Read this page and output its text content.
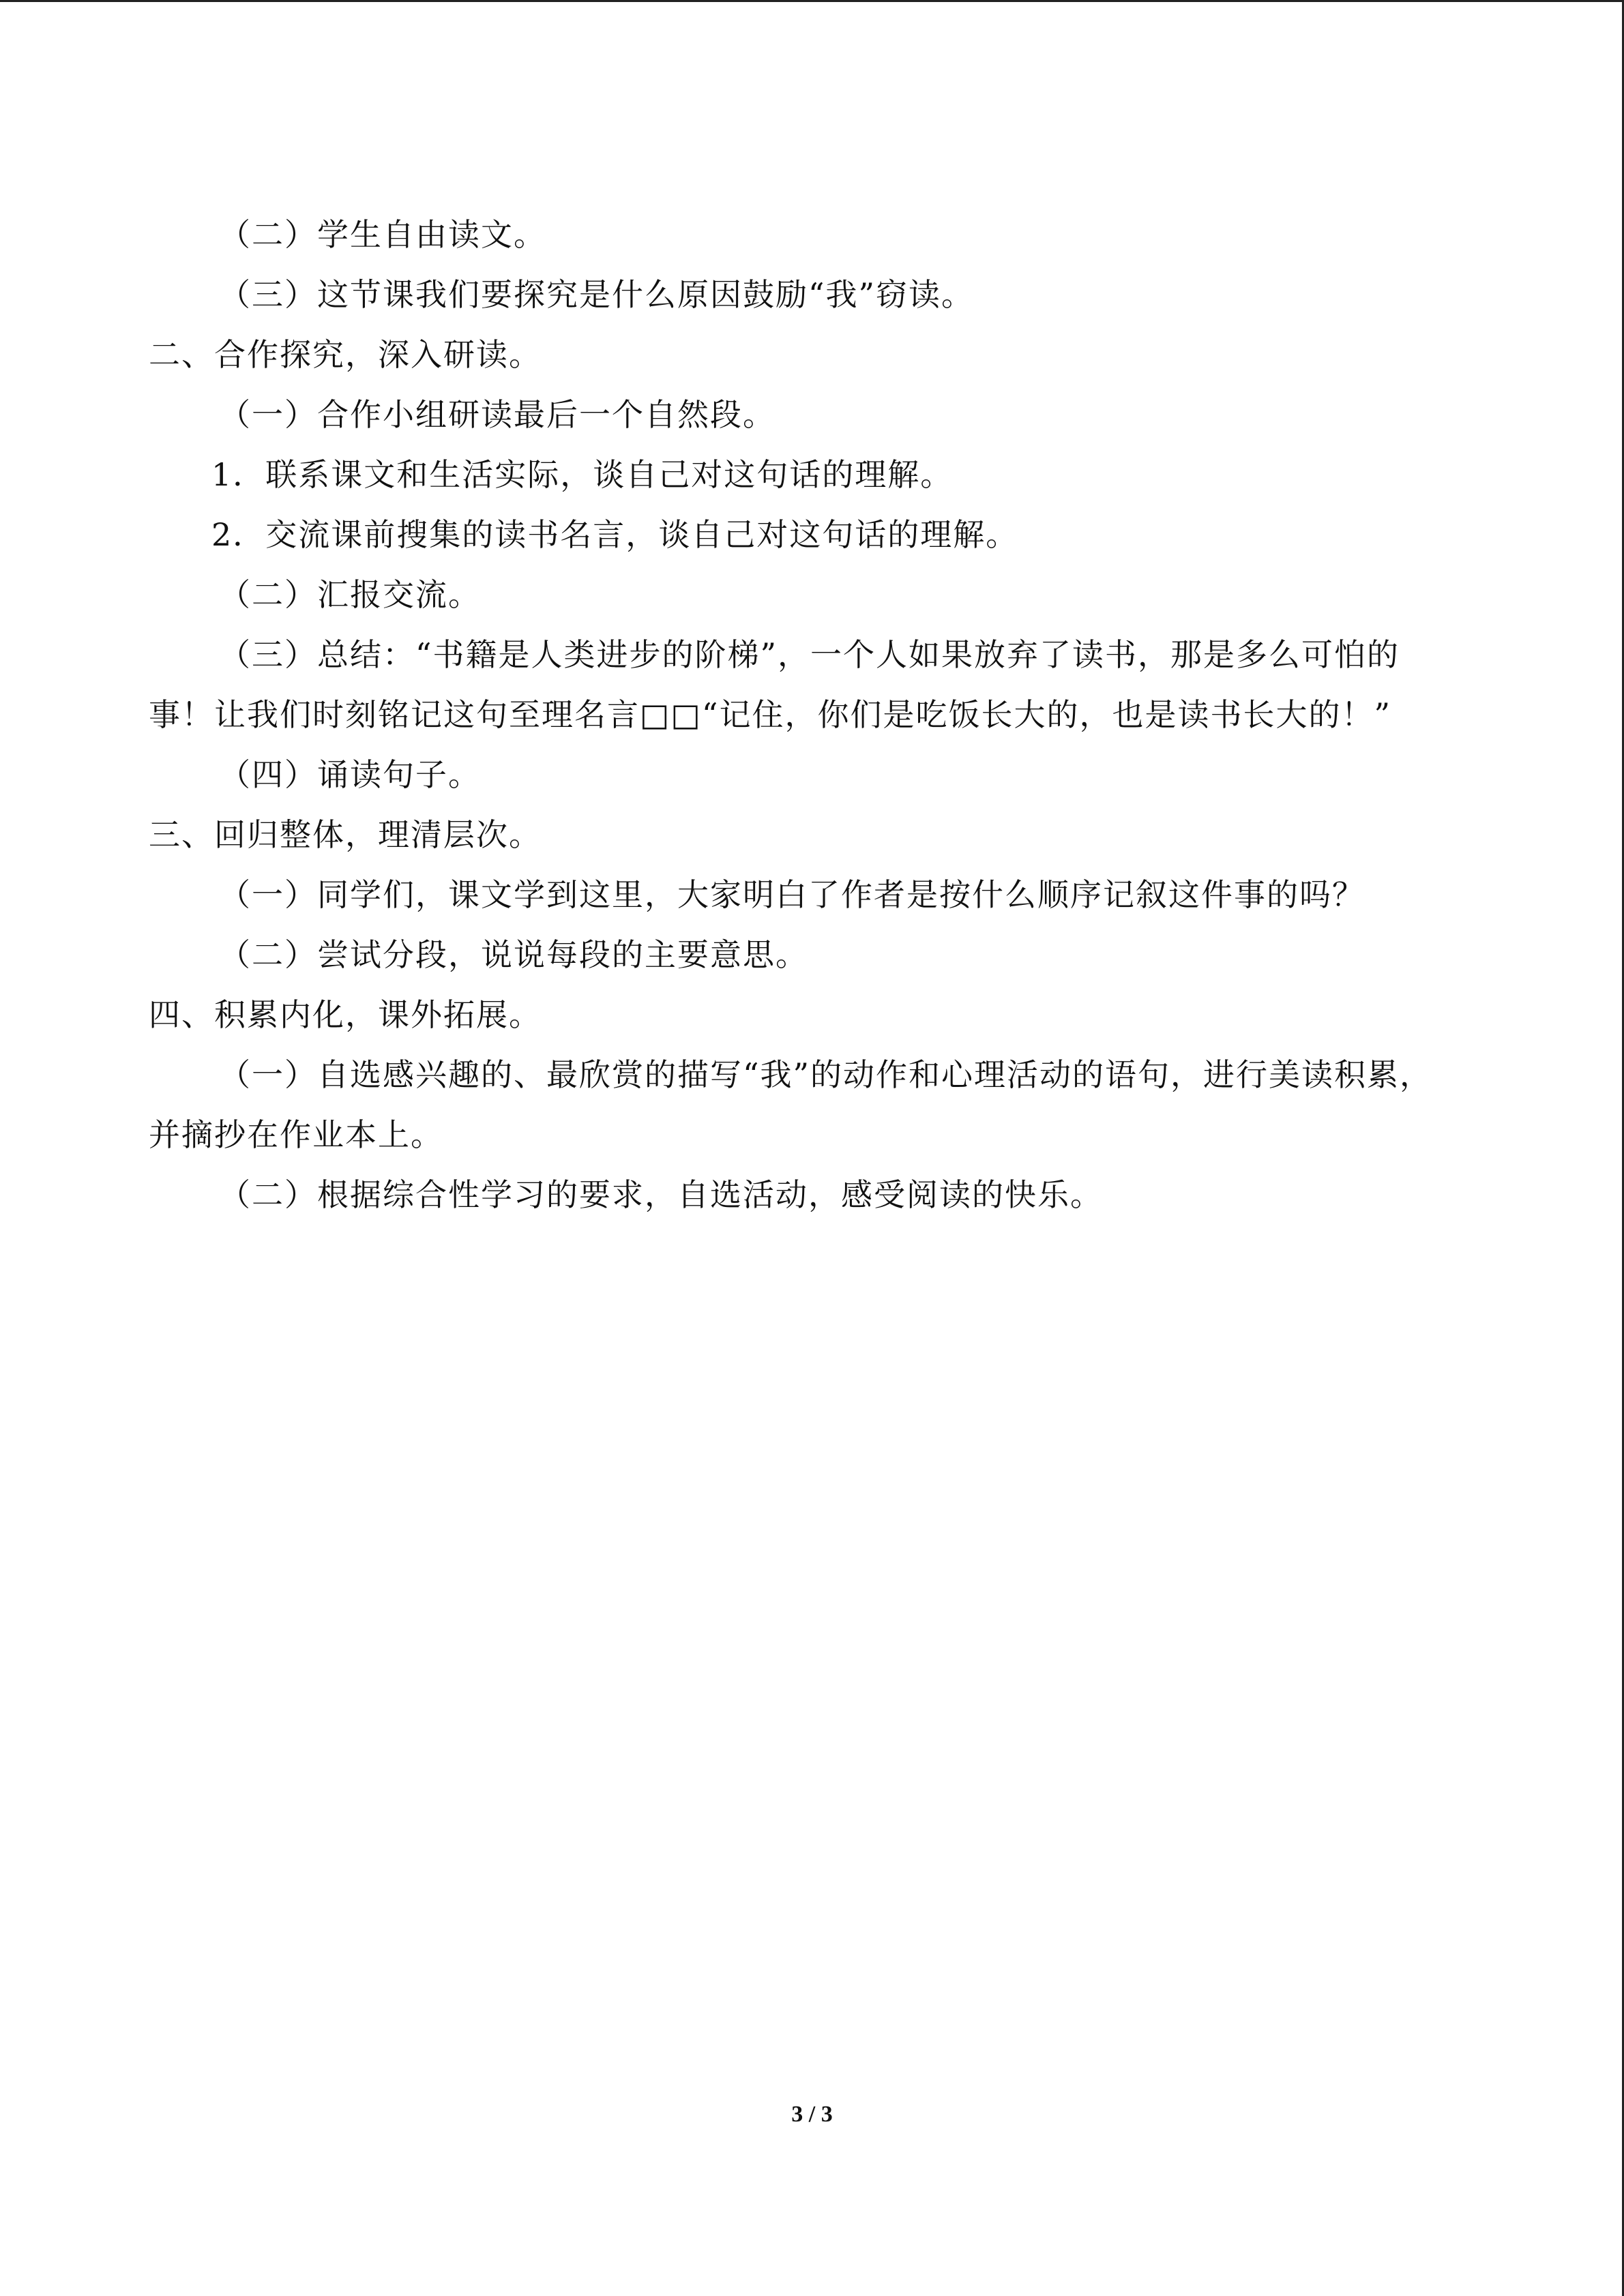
（二）学生自由读文。
（三）这节课我们要探究是什么原因鼓励“我”窃读。
二、合作探究，深入研读。
（一）合作小组研读最后一个自然段。
1．联系课文和生活实际，谈自己对这句话的理解。
2．交流课前搜集的读书名言，谈自己对这句话的理解。
（二）汇报交流。
（三）总结：“书籍是人类进步的阶梯”，一个人如果放弃了读书，那是多么可怕的
事！让我们时刻铭记这句至理名言□□“记住，你们是吃饭长大的，也是读书长大的！”
（四）诵读句子。
三、回归整体，理清层次。
（一）同学们，课文学到这里，大家明白了作者是按什么顺序记叙这件事的吗？
（二）尝试分段，说说每段的主要意思。
四、积累内化，课外拓展。
（一）自选感兴趣的、最欣赏的描写“我”的动作和心理活动的语句，进行美读积累，
并摘抄在作业本上。
（二）根据综合性学习的要求，自选活动，感受阅读的快乐。
3 / 3
